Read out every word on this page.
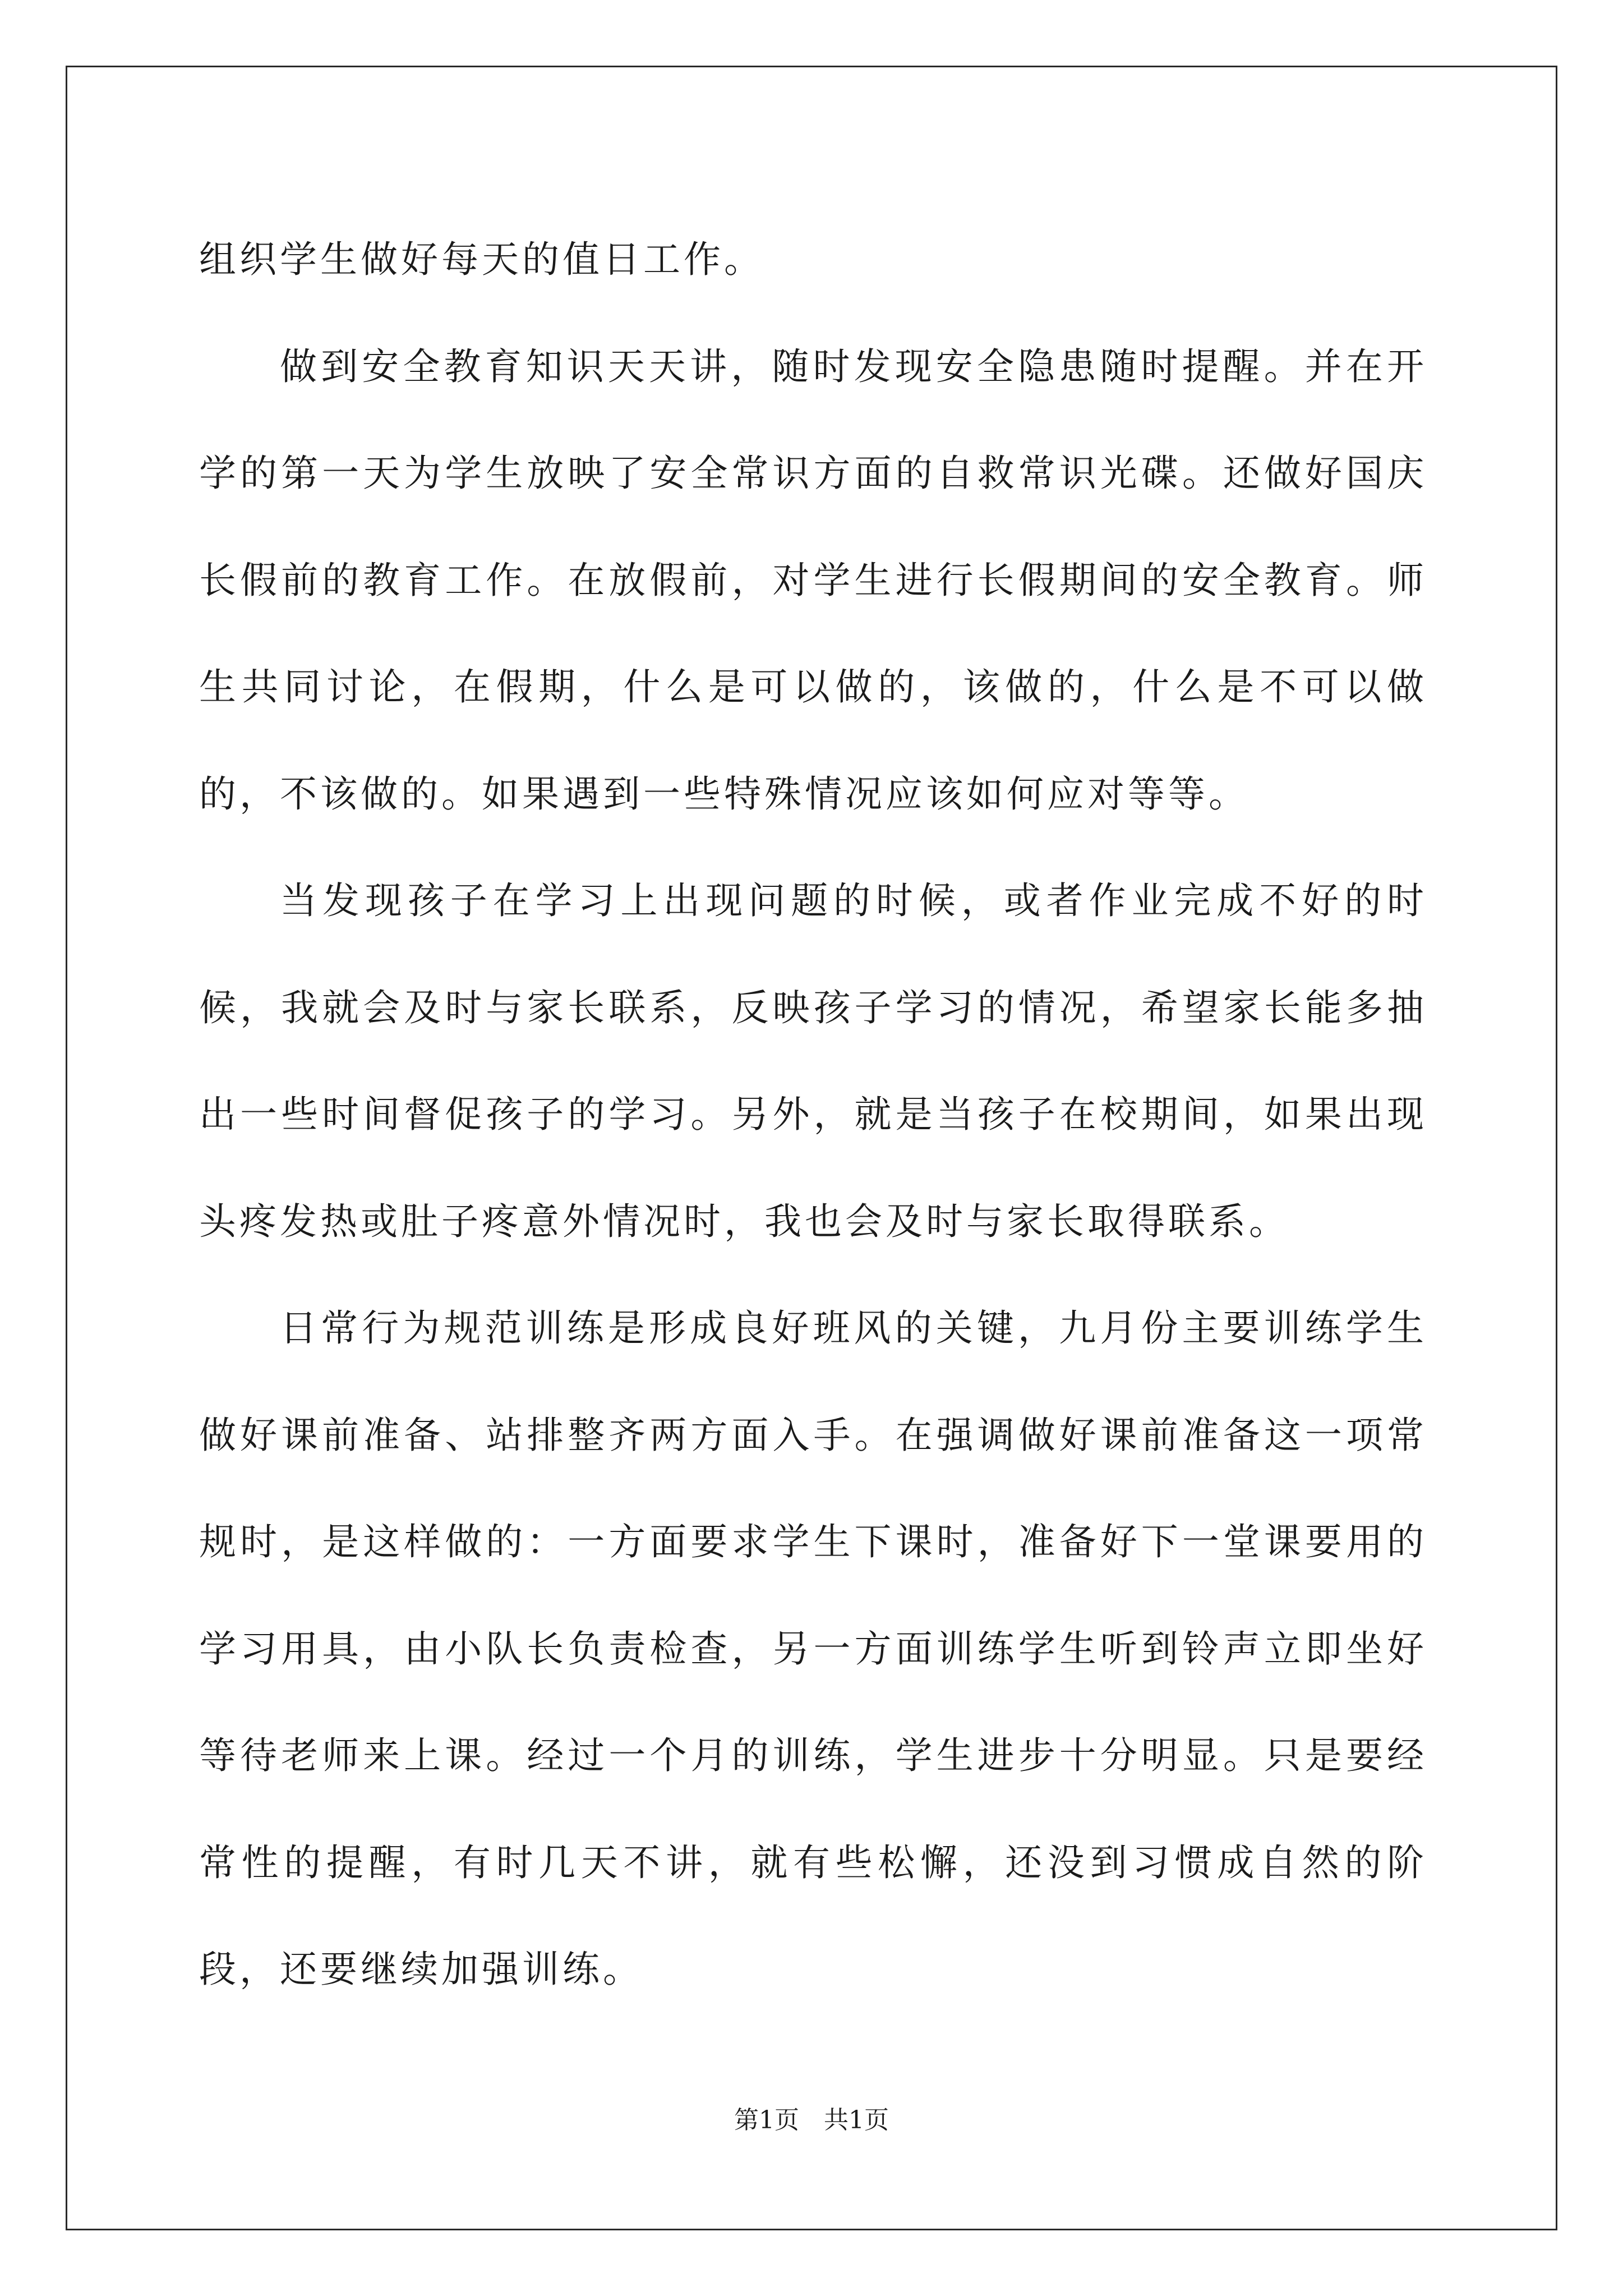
组织学生做好每天的值日工作。

做到安全教育知识天天讲，随时发现安全隐患随时提醒。并在开学的第一天为学生放映了安全常识方面的自救常识光碟。还做好国庆长假前的教育工作。在放假前，对学生进行长假期间的安全教育。师生共同讨论，在假期，什么是可以做的，该做的，什么是不可以做的，不该做的。如果遇到一些特殊情况应该如何应对等等。

当发现孩子在学习上出现问题的时候，或者作业完成不好的时候，我就会及时与家长联系，反映孩子学习的情况，希望家长能多抽出一些时间督促孩子的学习。另外，就是当孩子在校期间，如果出现头疼发热或肚子疼意外情况时，我也会及时与家长取得联系。

日常行为规范训练是形成良好班风的关键，九月份主要训练学生做好课前准备、站排整齐两方面入手。在强调做好课前准备这一项常规时，是这样做的：一方面要求学生下课时，准备好下一堂课要用的学习用具，由小队长负责检查，另一方面训练学生听到铃声立即坐好等待老师来上课。经过一个月的训练，学生进步十分明显。只是要经常性的提醒，有时几天不讲，就有些松懈，还没到习惯成自然的阶段，还要继续加强训练。

第1页　共1页
